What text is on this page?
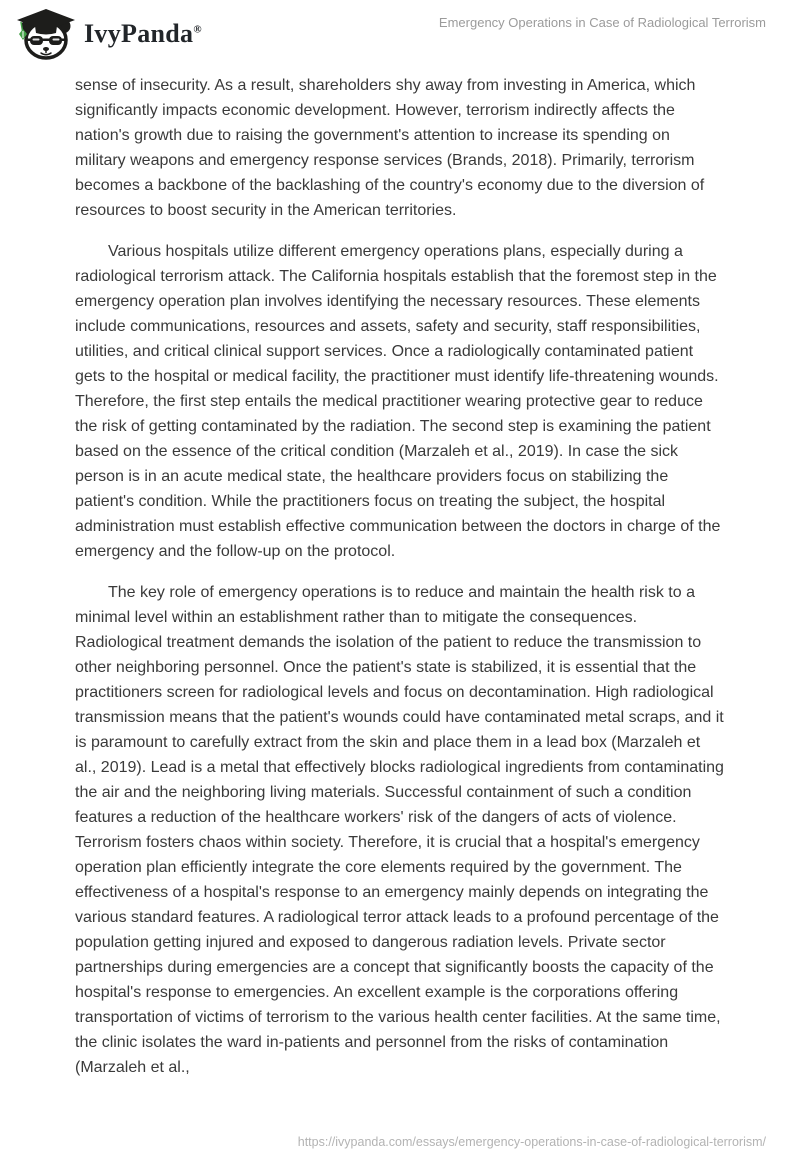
IvyPanda®	Emergency Operations in Case of Radiological Terrorism

sense of insecurity. As a result, shareholders shy away from investing in America, which significantly impacts economic development. However, terrorism indirectly affects the nation's growth due to raising the government's attention to increase its spending on military weapons and emergency response services (Brands, 2018). Primarily, terrorism becomes a backbone of the backlashing of the country's economy due to the diversion of resources to boost security in the American territories.

Various hospitals utilize different emergency operations plans, especially during a radiological terrorism attack. The California hospitals establish that the foremost step in the emergency operation plan involves identifying the necessary resources. These elements include communications, resources and assets, safety and security, staff responsibilities, utilities, and critical clinical support services. Once a radiologically contaminated patient gets to the hospital or medical facility, the practitioner must identify life-threatening wounds. Therefore, the first step entails the medical practitioner wearing protective gear to reduce the risk of getting contaminated by the radiation. The second step is examining the patient based on the essence of the critical condition (Marzaleh et al., 2019). In case the sick person is in an acute medical state, the healthcare providers focus on stabilizing the patient's condition. While the practitioners focus on treating the subject, the hospital administration must establish effective communication between the doctors in charge of the emergency and the follow-up on the protocol.

The key role of emergency operations is to reduce and maintain the health risk to a minimal level within an establishment rather than to mitigate the consequences. Radiological treatment demands the isolation of the patient to reduce the transmission to other neighboring personnel. Once the patient's state is stabilized, it is essential that the practitioners screen for radiological levels and focus on decontamination. High radiological transmission means that the patient's wounds could have contaminated metal scraps, and it is paramount to carefully extract from the skin and place them in a lead box (Marzaleh et al., 2019). Lead is a metal that effectively blocks radiological ingredients from contaminating the air and the neighboring living materials. Successful containment of such a condition features a reduction of the healthcare workers' risk of the dangers of acts of violence. Terrorism fosters chaos within society. Therefore, it is crucial that a hospital's emergency operation plan efficiently integrate the core elements required by the government. The effectiveness of a hospital's response to an emergency mainly depends on integrating the various standard features. A radiological terror attack leads to a profound percentage of the population getting injured and exposed to dangerous radiation levels. Private sector partnerships during emergencies are a concept that significantly boosts the capacity of the hospital's response to emergencies. An excellent example is the corporations offering transportation of victims of terrorism to the various health center facilities. At the same time, the clinic isolates the ward in-patients and personnel from the risks of contamination (Marzaleh et al.,

https://ivypanda.com/essays/emergency-operations-in-case-of-radiological-terrorism/
